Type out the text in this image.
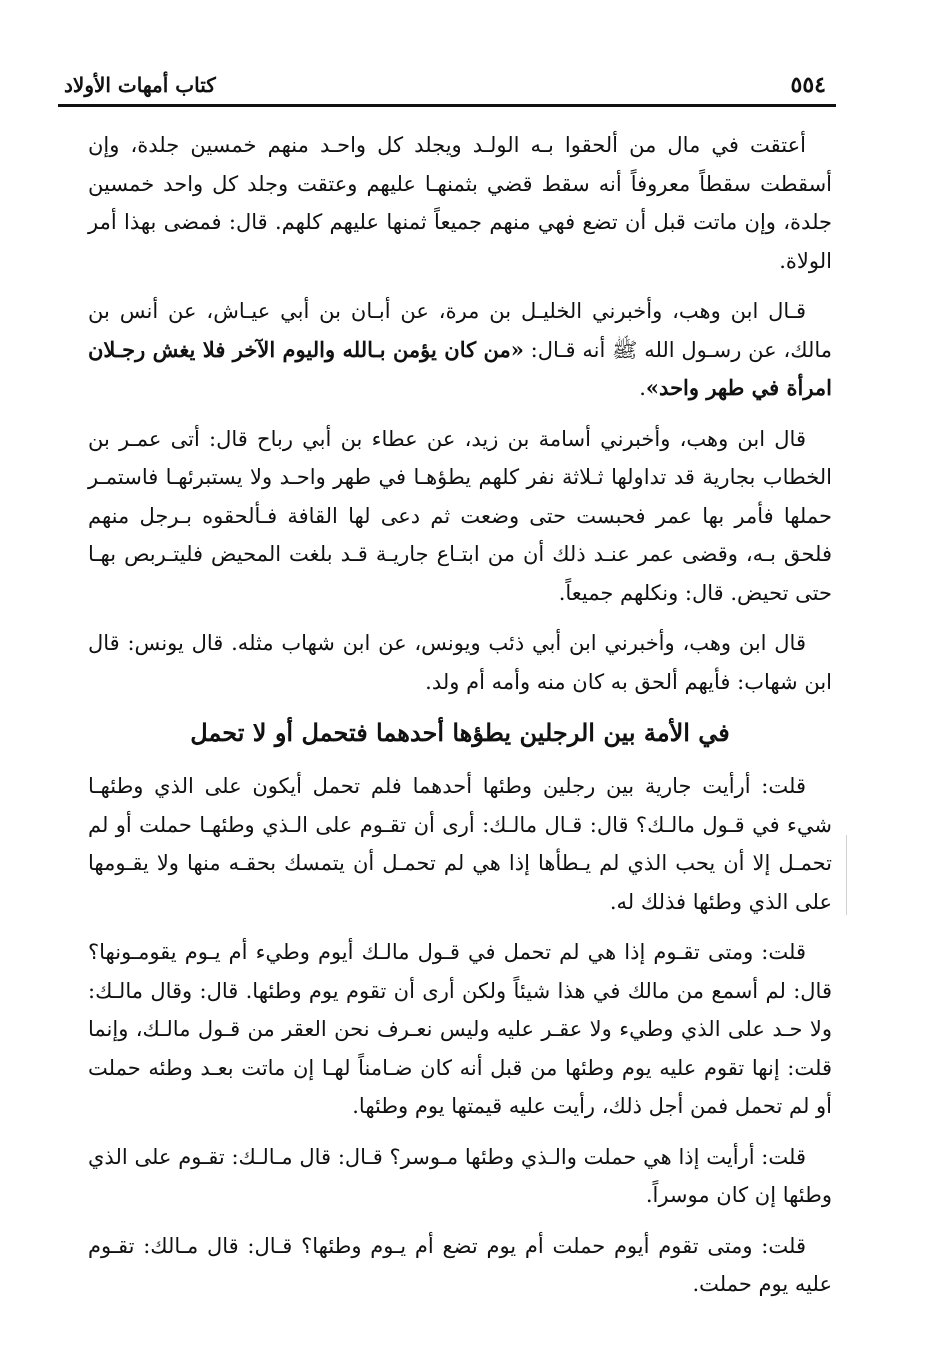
٥٥٤
كتاب أمهات الأولاد

أعتقت في مال من ألحقوا بـه الولـد ويجلد كل واحـد منهم خمسين جلدة، وإن أسقطت سقطاً معروفاً أنه سقط قضي بثمنهـا عليهم وعتقت وجلد كل واحد خمسين جلدة، وإن ماتت قبل أن تضع فهي منهم جميعاً ثمنها عليهم كلهم. قال: فمضى بهذا أمر الولاة.

قـال ابن وهب، وأخبرني الخليـل بن مرة، عن أبـان بن أبي عيـاش، عن أنس بن مالك، عن رسـول الله ﷺ أنه قـال: «من كان يؤمن بـالله واليوم الآخر فلا يغش رجـلان امرأة في طهر واحد».

قال ابن وهب، وأخبرني أسامة بن زيد، عن عطاء بن أبي رباح قال: أتى عمـر بن الخطاب بجارية قد تداولها ثـلاثة نفر كلهم يطؤهـا في طهر واحـد ولا يستبرئهـا فاستمـر حملها فأمر بها عمر فحبست حتى وضعت ثم دعى لها القافة فـألحقوه بـرجل منهم فلحق بـه، وقضى عمر عنـد ذلك أن من ابتـاع جاريـة قـد بلغت المحيض فليتـربص بهـا حتى تحيض. قال: ونكلهم جميعاً.

قال ابن وهب، وأخبرني ابن أبي ذئب ويونس، عن ابن شهاب مثله. قال يونس: قال ابن شهاب: فأيهم ألحق به كان منه وأمه أم ولد.

في الأمة بين الرجلين يطؤها أحدهما فتحمل أو لا تحمل

قلت: أرأيت جارية بين رجلين وطئها أحدهما فلم تحمل أيكون على الذي وطئهـا شيء في قـول مالـك؟ قال: قـال مالـك: أرى أن تقـوم على الـذي وطئهـا حملت أو لم تحمـل إلا أن يحب الذي لم يـطأها إذا هي لم تحمـل أن يتمسك بحقـه منها ولا يقـومها على الذي وطئها فذلك له.

قلت: ومتى تقـوم إذا هي لم تحمل في قـول مالـك أيوم وطيء أم يـوم يقومـونها؟ قال: لم أسمع من مالك في هذا شيئاً ولكن أرى أن تقوم يوم وطئها. قال: وقال مالـك: ولا حـد على الذي وطيء ولا عقـر عليه وليس نعـرف نحن العقر من قـول مالـك، وإنما قلت: إنها تقوم عليه يوم وطئها من قبل أنه كان ضـامناً لهـا إن ماتت بعـد وطئه حملت أو لم تحمل فمن أجل ذلك، رأيت عليه قيمتها يوم وطئها.

قلت: أرأيت إذا هي حملت والـذي وطئها مـوسر؟ قـال: قال مـالـك: تقـوم على الذي وطئها إن كان موسراً.

قلت: ومتى تقوم أيوم حملت أم يوم تضع أم يـوم وطئها؟ قـال: قال مـالك: تقـوم عليه يوم حملت.
